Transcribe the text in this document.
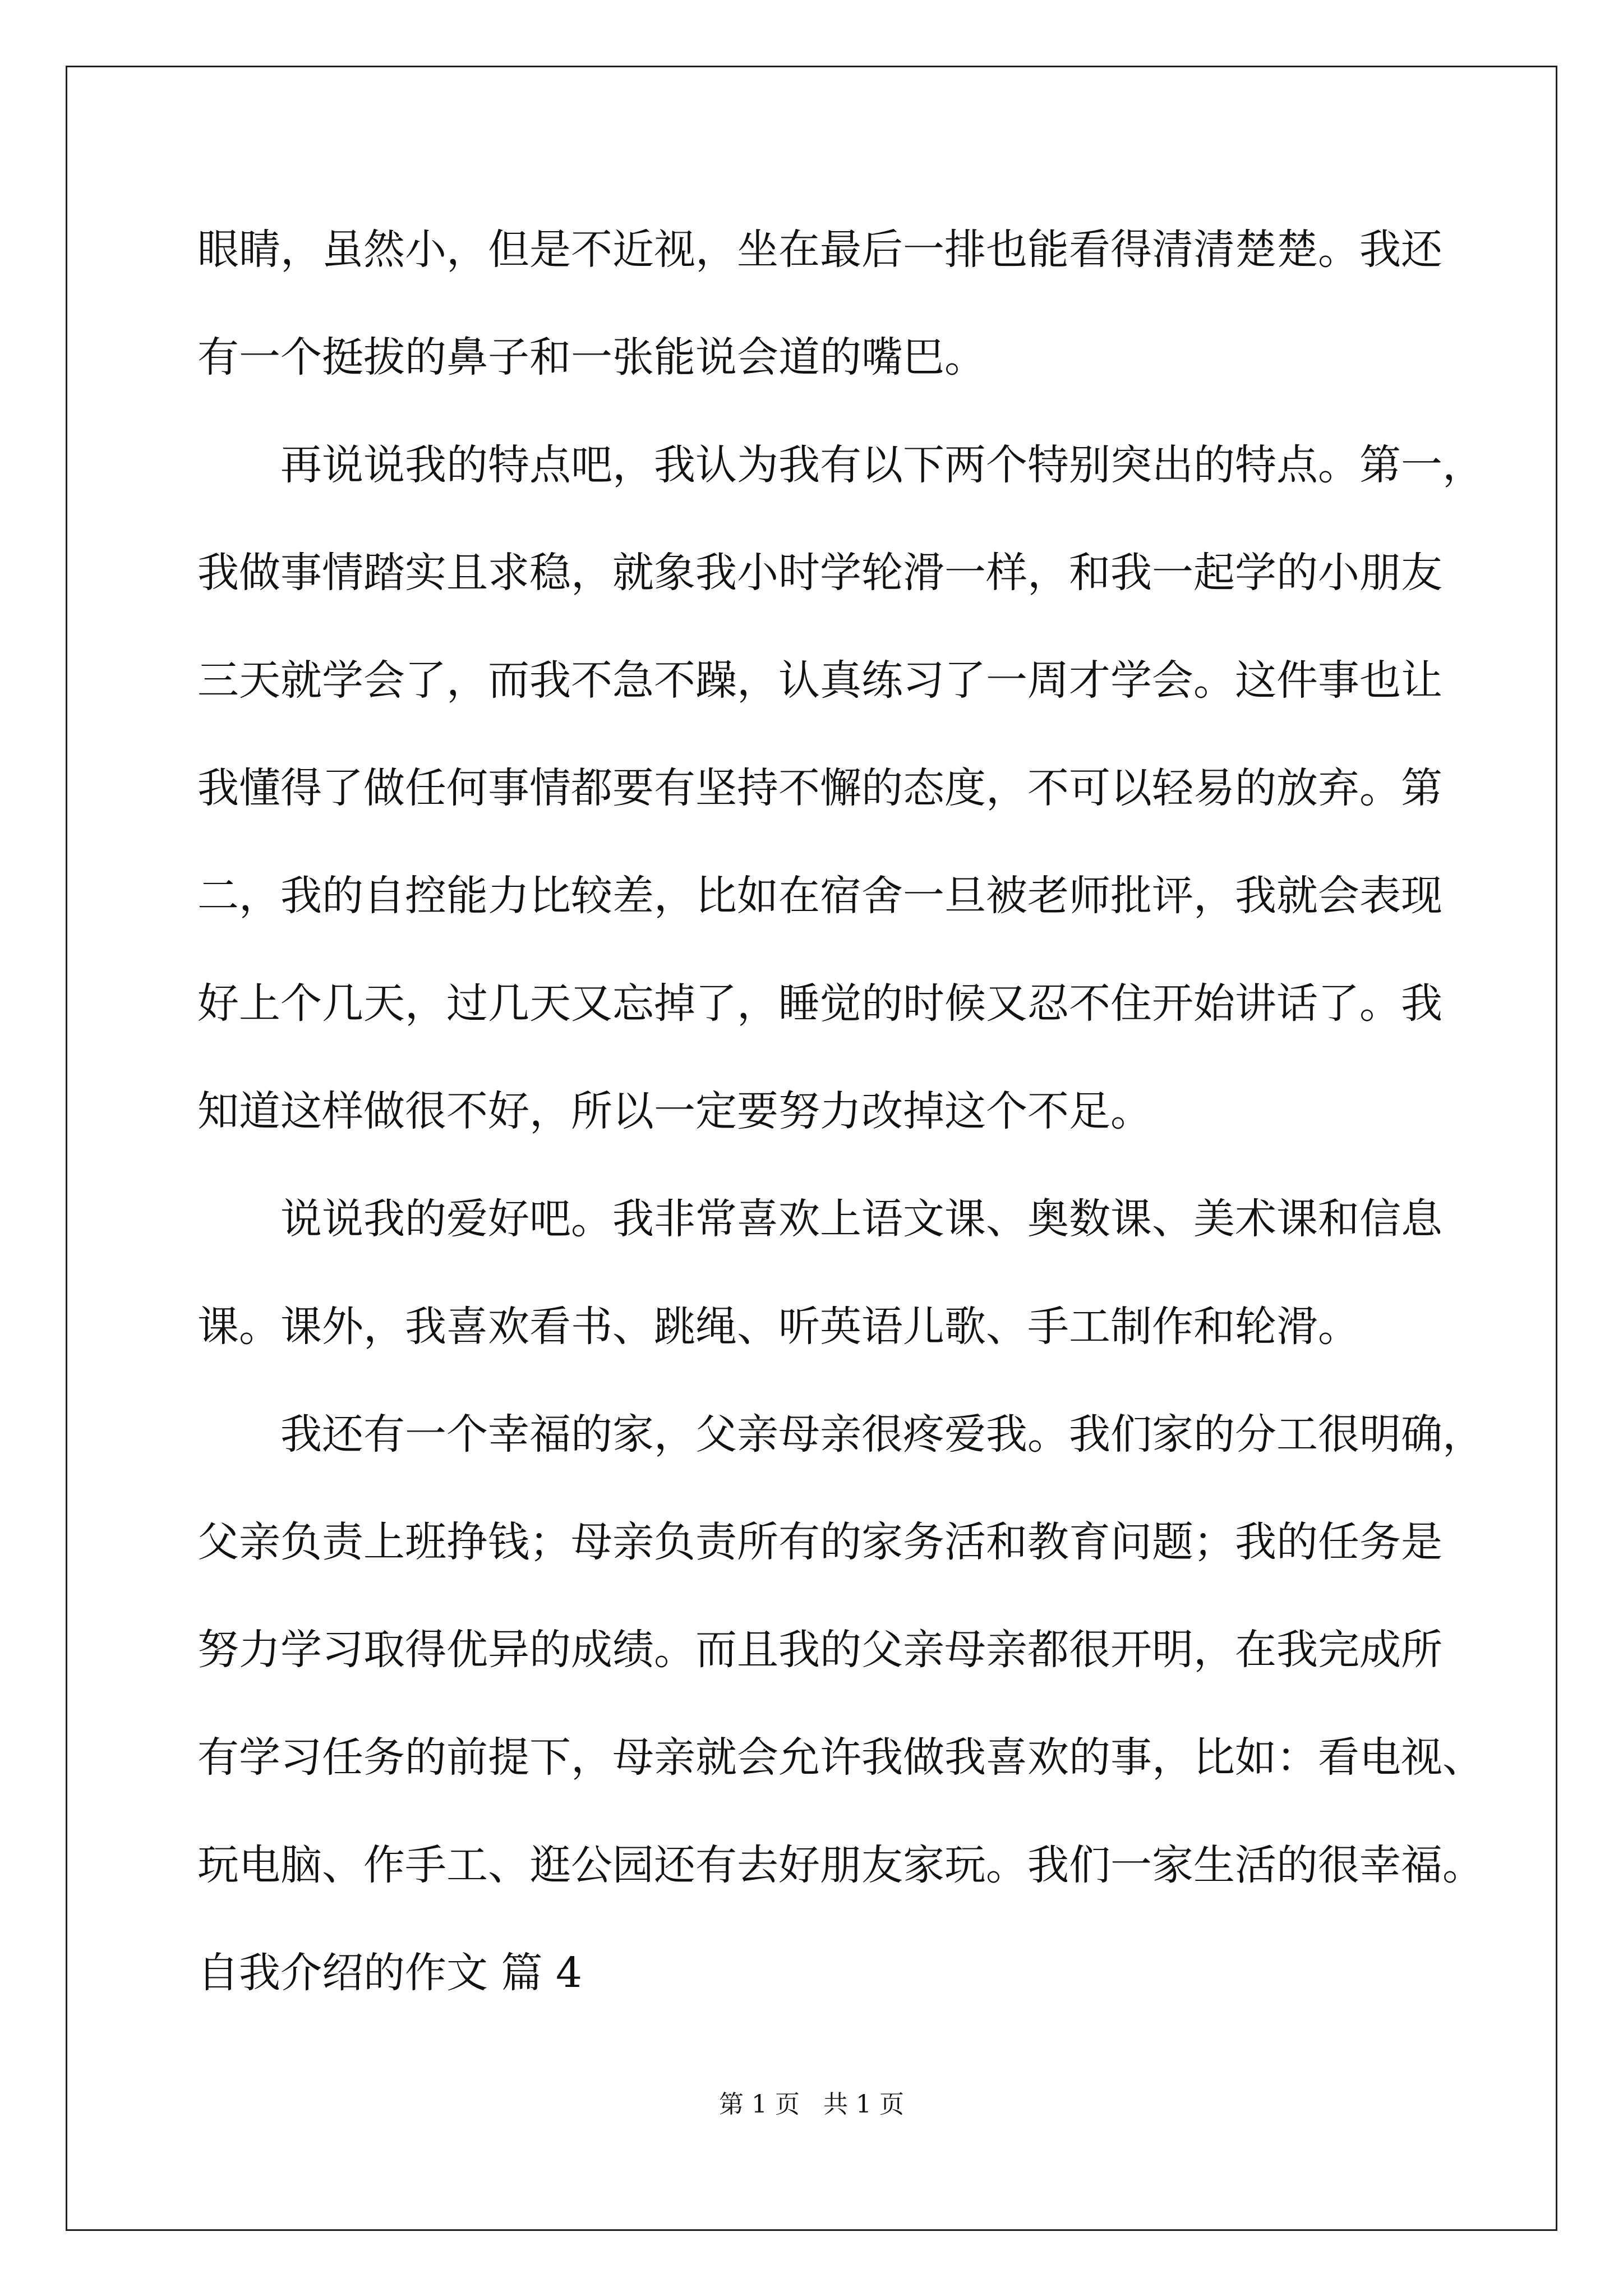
眼睛，虽然小，但是不近视，坐在最后一排也能看得清清楚楚。我还
有一个挺拔的鼻子和一张能说会道的嘴巴。
再说说我的特点吧，我认为我有以下两个特别突出的特点。第一，
我做事情踏实且求稳，就象我小时学轮滑一样，和我一起学的小朋友
三天就学会了，而我不急不躁，认真练习了一周才学会。这件事也让
我懂得了做任何事情都要有坚持不懈的态度，不可以轻易的放弃。第
二，我的自控能力比较差，比如在宿舍一旦被老师批评，我就会表现
好上个几天，过几天又忘掉了，睡觉的时候又忍不住开始讲话了。我
知道这样做很不好，所以一定要努力改掉这个不足。
说说我的爱好吧。我非常喜欢上语文课、奥数课、美术课和信息
课。课外，我喜欢看书、跳绳、听英语儿歌、手工制作和轮滑。
我还有一个幸福的家，父亲母亲很疼爱我。我们家的分工很明确，
父亲负责上班挣钱；母亲负责所有的家务活和教育问题；我的任务是
努力学习取得优异的成绩。而且我的父亲母亲都很开明，在我完成所
有学习任务的前提下，母亲就会允许我做我喜欢的事，比如：看电视、
玩电脑、作手工、逛公园还有去好朋友家玩。我们一家生活的很幸福。
自我介绍的作文 篇 4
第 1 页 共 1 页
